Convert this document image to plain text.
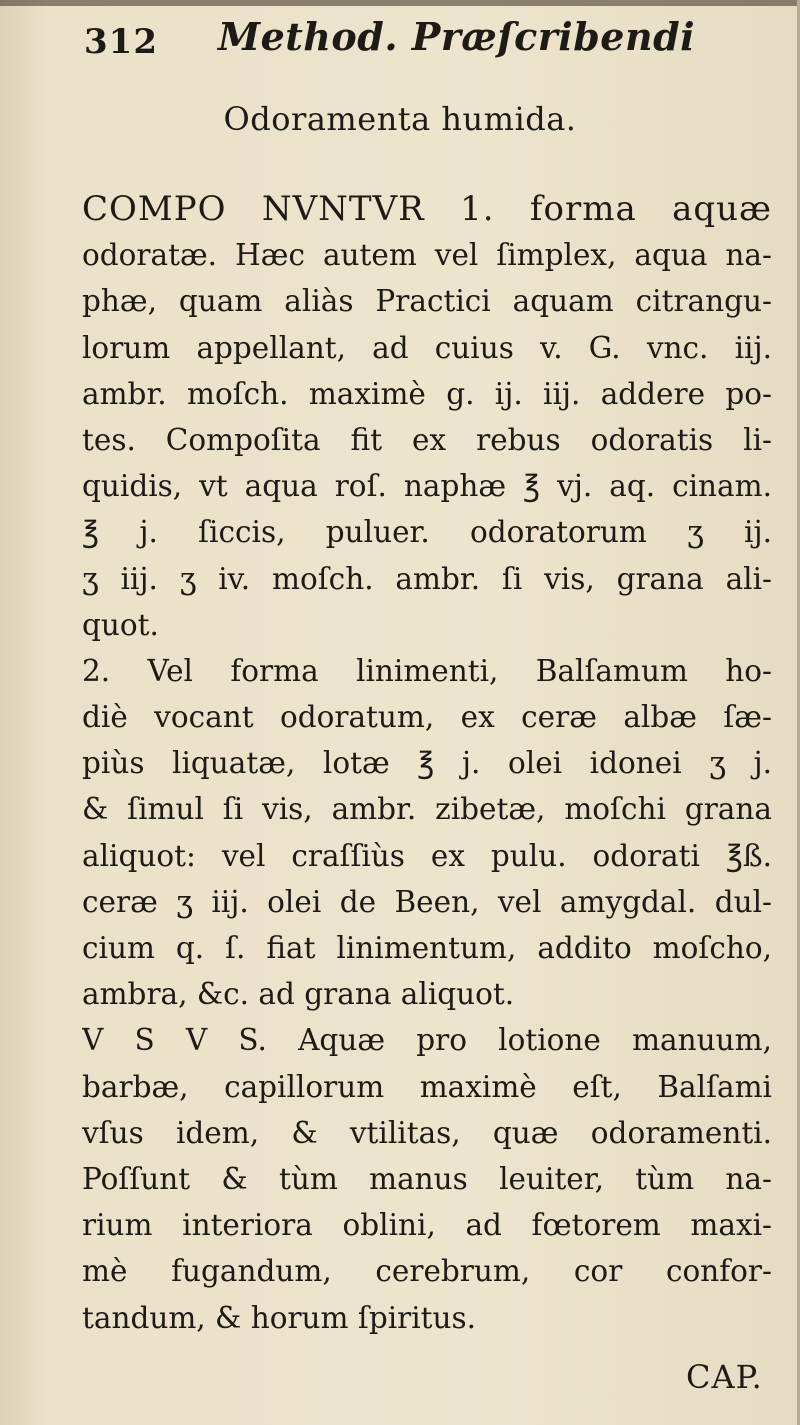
312 Method. Præſcribendi
Odoramenta humida.
COMPO NVNTVR 1. forma aquæ
odoratæ. Hæc autem vel ſimplex, aqua na-
phæ, quam aliàs Practici aquam citrangu-
lorum appellant, ad cuius v. G. vnc. iij.
ambr. moſch. maximè g. ij. iij. addere po-
tes. Compoſita fit ex rebus odoratis li-
quidis, vt aqua roſ. naphæ ℥ vj. aq. cinam.
℥ j. ſiccis, puluer. odoratorum ʒ ij.
ʒ iij. ʒ iv. moſch. ambr. ſi vis, grana ali-
quot.
2. Vel forma linimenti, Balſamum ho-
diè vocant odoratum, ex ceræ albæ ſæ-
piùs liquatæ, lotæ ℥ j. olei idonei ʒ j.
& ſimul ſi vis, ambr. zibetæ, moſchi grana
aliquot: vel craſſiùs ex pulu. odorati ℥ß.
ceræ ʒ iij. olei de Been, vel amygdal. dul-
cium q. ſ. fiat linimentum, addito moſcho,
ambra, &c. ad grana aliquot.
V S V S. Aquæ pro lotione manuum,
barbæ, capillorum maximè eſt, Balſami
vſus idem, & vtilitas, quæ odoramenti.
Poſſunt & tùm manus leuiter, tùm na-
rium interiora oblini, ad fœtorem maxi-
mè fugandum, cerebrum, cor confor-
tandum, & horum ſpiritus.
CAP.
